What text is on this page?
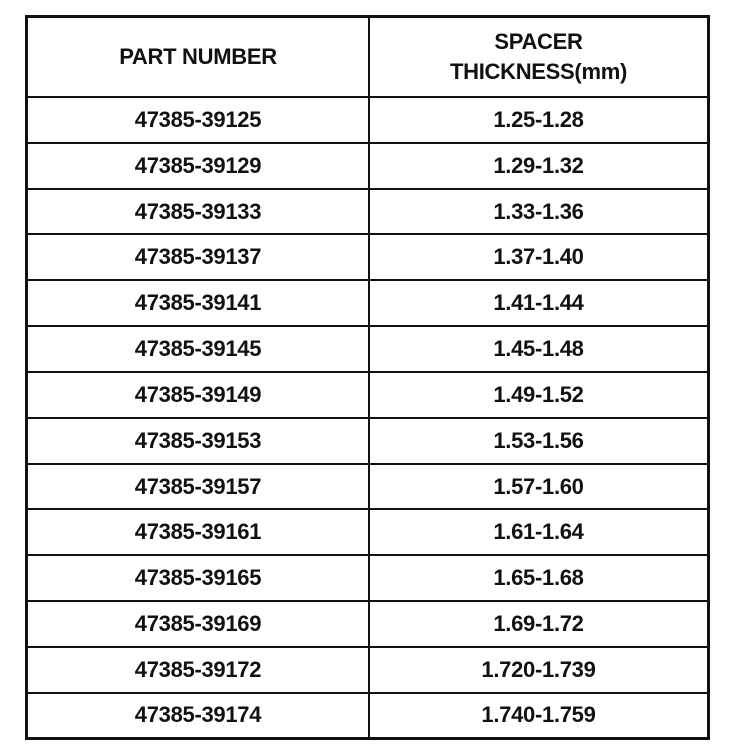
PART NUMBER	SPACER
THICKNESS(mm)

47385-39125	1.25-1.28
47385-39129	1.29-1.32
47385-39133	1.33-1.36
47385-39137	1.37-1.40
47385-39141	1.41-1.44
47385-39145	1.45-1.48
47385-39149	1.49-1.52
47385-39153	1.53-1.56
47385-39157	1.57-1.60
47385-39161	1.61-1.64
47385-39165	1.65-1.68
47385-39169	1.69-1.72
47385-39172	1.720-1.739
47385-39174	1.740-1.759
